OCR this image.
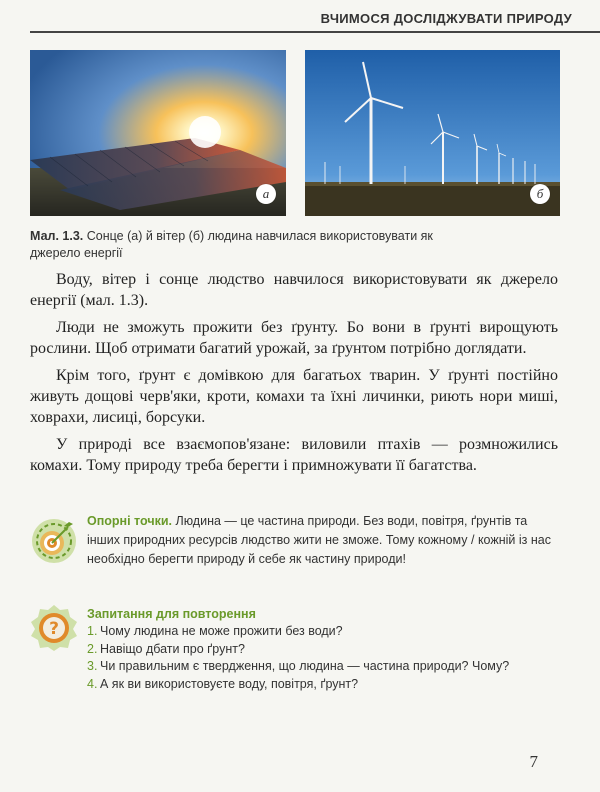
ВЧИМОСЯ ДОСЛІДЖУВАТИ ПРИРОДУ
а	б
Мал. 1.3. Сонце (а) й вітер (б) людина навчилася використовувати як джерело енергії

Воду, вітер і сонце людство навчилося використовувати як джерело енергії (мал. 1.3).

Люди не зможуть прожити без ґрунту. Бо вони в ґрунті вирощують рослини. Щоб отримати багатий урожай, за ґрунтом потрібно доглядати.

Крім того, ґрунт є домівкою для багатьох тварин. У ґрунті постійно живуть дощові черв'яки, кроти, комахи та їхні личинки, риють нори миші, ховрахи, лисиці, борсуки.

У природі все взаємопов'язане: виловили птахів — розмножились комахи. Тому природу треба берегти і примножувати її багатства.

Опорні точки. Людина — це частина природи. Без води, повітря, ґрунтів та інших природних ресурсів людство жити не зможе. Тому кожному / кожній із нас необхідно берегти природу й себе як частину природи!
?
Запитання для повторення
1. Чому людина не може прожити без води?
2. Навіщо дбати про ґрунт?
3. Чи правильним є твердження, що людина — частина природи? Чому?
4. А як ви використовуєте воду, повітря, ґрунт?
7
